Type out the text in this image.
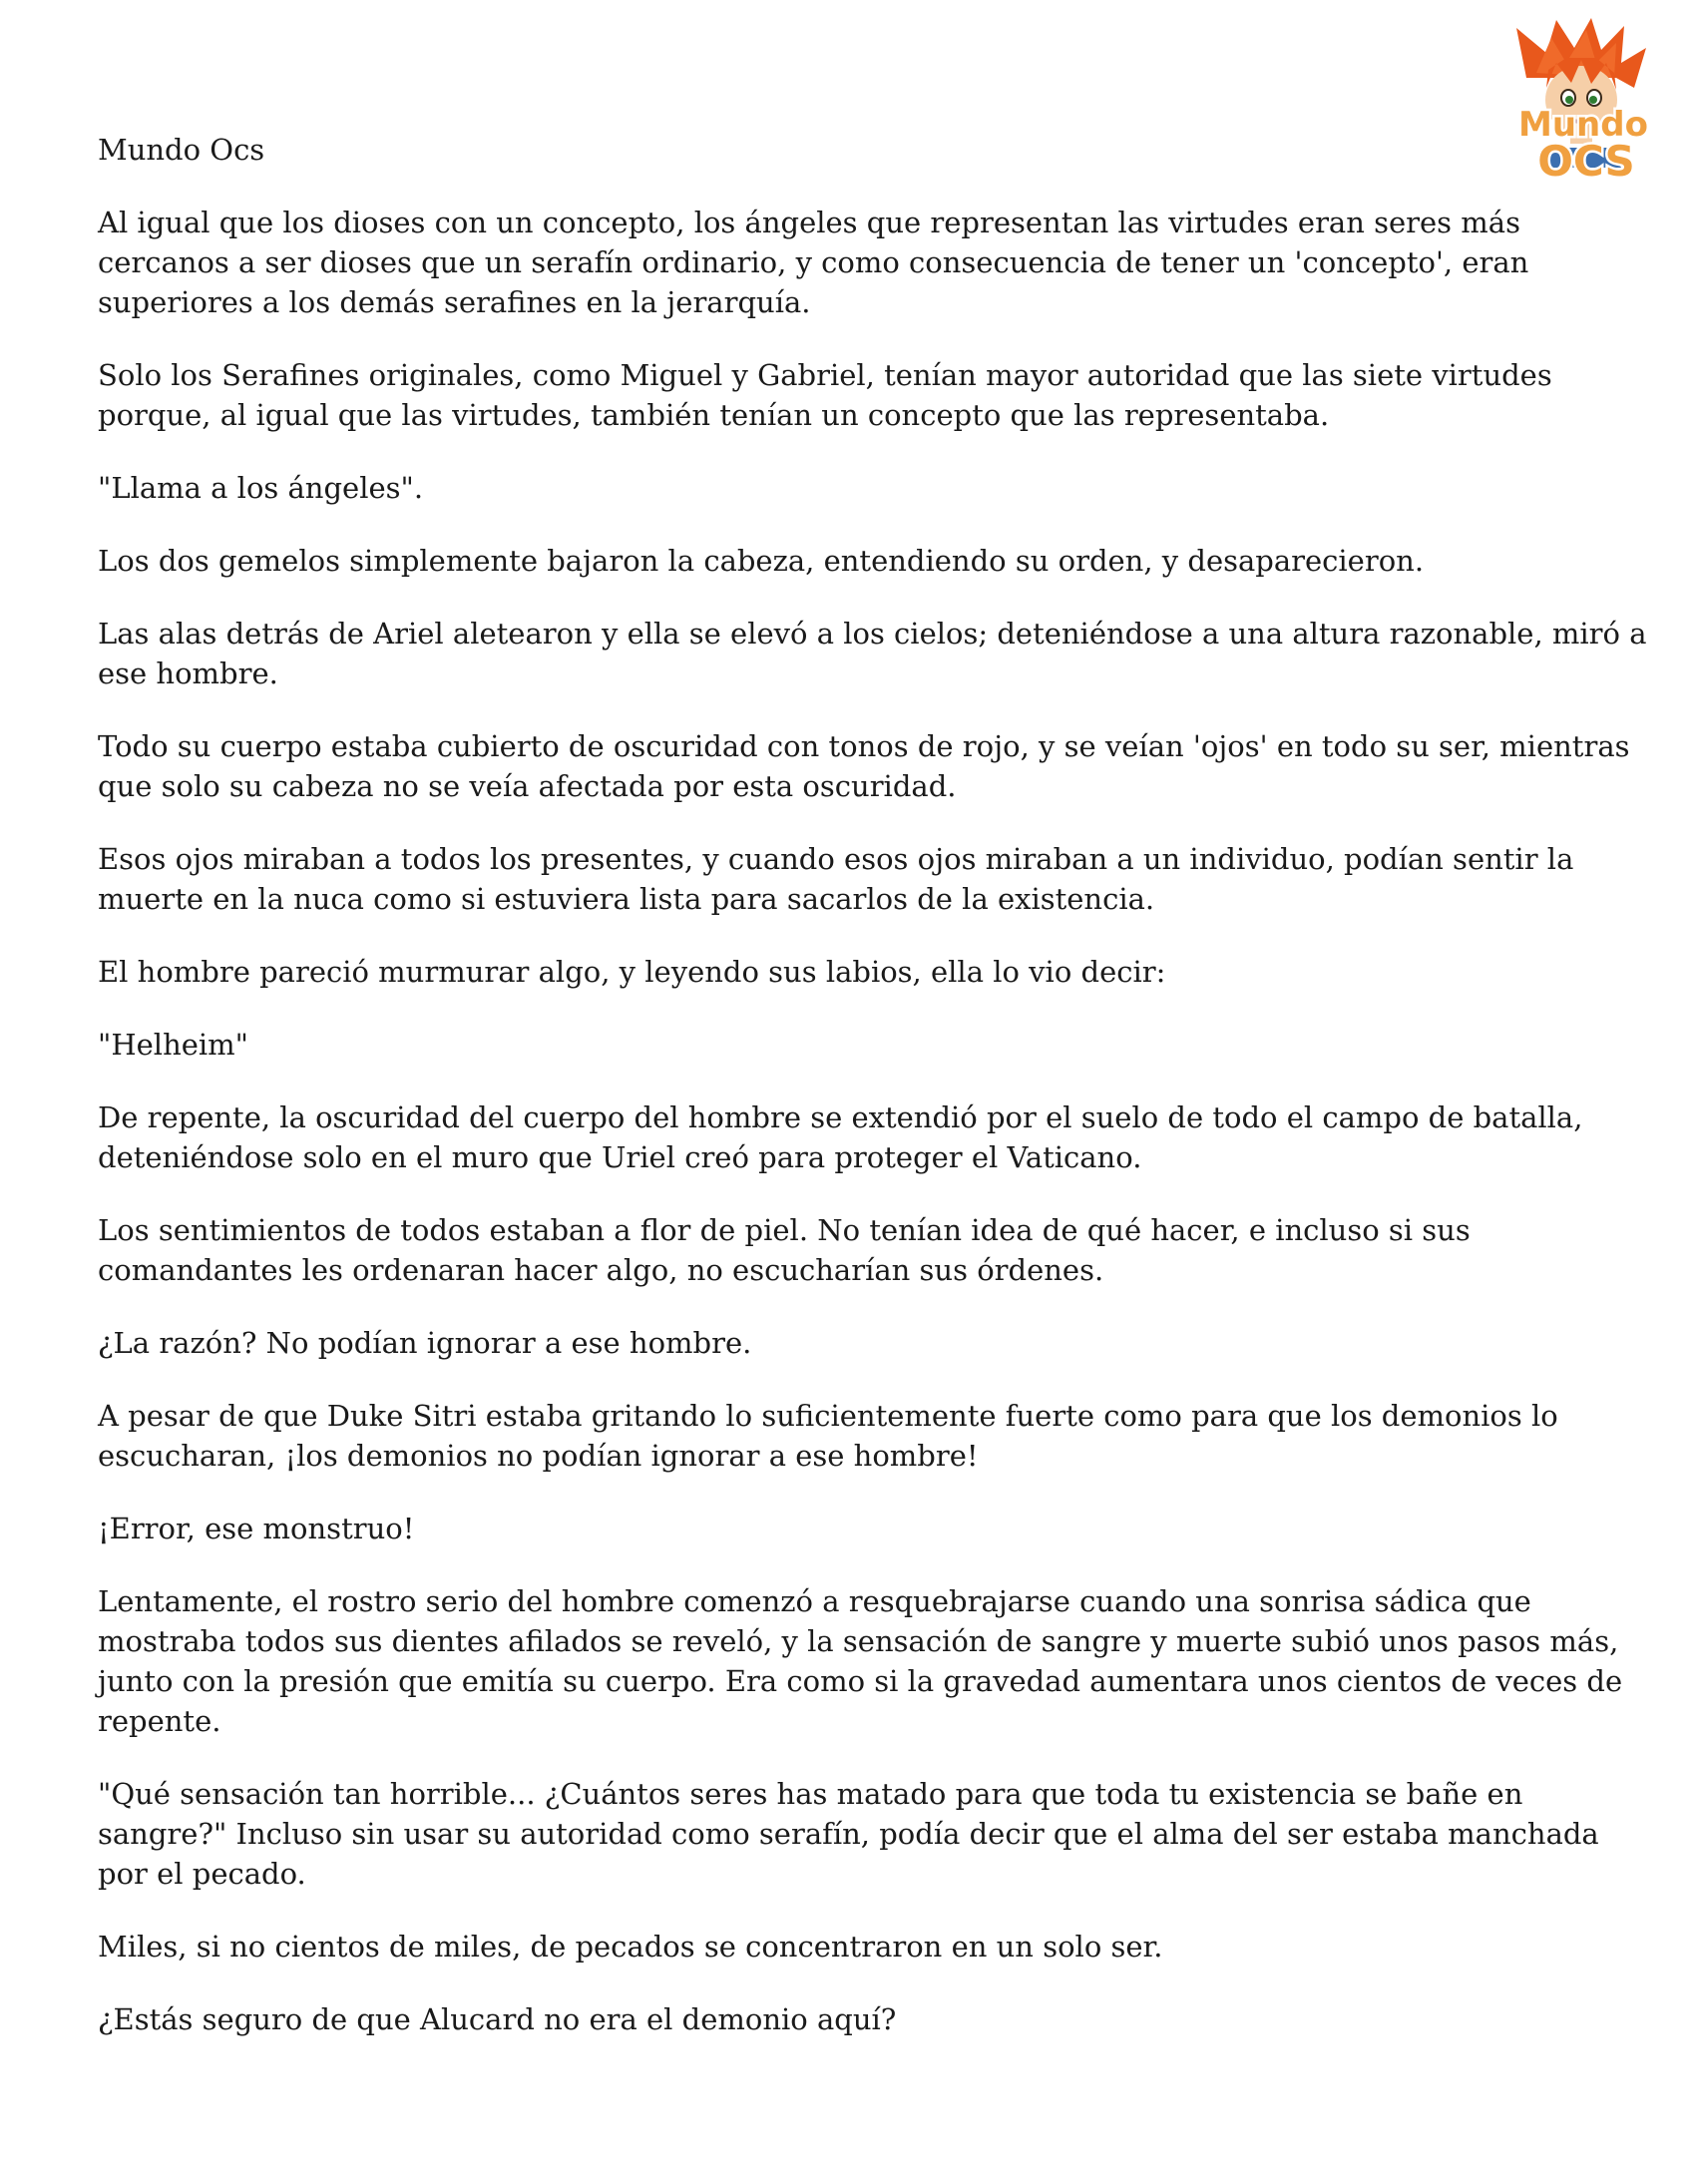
Mundo
OCS

Mundo Ocs

Al igual que los dioses con un concepto, los ángeles que representan las virtudes eran seres más cercanos a ser dioses que un serafín ordinario, y como consecuencia de tener un 'concepto', eran superiores a los demás serafines en la jerarquía.

Solo los Serafines originales, como Miguel y Gabriel, tenían mayor autoridad que las siete virtudes porque, al igual que las virtudes, también tenían un concepto que las representaba.

"Llama a los ángeles".

Los dos gemelos simplemente bajaron la cabeza, entendiendo su orden, y desaparecieron.

Las alas detrás de Ariel aletearon y ella se elevó a los cielos; deteniéndose a una altura razonable, miró a ese hombre.

Todo su cuerpo estaba cubierto de oscuridad con tonos de rojo, y se veían 'ojos' en todo su ser, mientras que solo su cabeza no se veía afectada por esta oscuridad.

Esos ojos miraban a todos los presentes, y cuando esos ojos miraban a un individuo, podían sentir la muerte en la nuca como si estuviera lista para sacarlos de la existencia.

El hombre pareció murmurar algo, y leyendo sus labios, ella lo vio decir:

"Helheim"

De repente, la oscuridad del cuerpo del hombre se extendió por el suelo de todo el campo de batalla, deteniéndose solo en el muro que Uriel creó para proteger el Vaticano.

Los sentimientos de todos estaban a flor de piel. No tenían idea de qué hacer, e incluso si sus comandantes les ordenaran hacer algo, no escucharían sus órdenes.

¿La razón? No podían ignorar a ese hombre.

A pesar de que Duke Sitri estaba gritando lo suficientemente fuerte como para que los demonios lo escucharan, ¡los demonios no podían ignorar a ese hombre!

¡Error, ese monstruo!

Lentamente, el rostro serio del hombre comenzó a resquebrajarse cuando una sonrisa sádica que mostraba todos sus dientes afilados se reveló, y la sensación de sangre y muerte subió unos pasos más, junto con la presión que emitía su cuerpo. Era como si la gravedad aumentara unos cientos de veces de repente.

"Qué sensación tan horrible... ¿Cuántos seres has matado para que toda tu existencia se bañe en sangre?" Incluso sin usar su autoridad como serafín, podía decir que el alma del ser estaba manchada por el pecado.

Miles, si no cientos de miles, de pecados se concentraron en un solo ser.

¿Estás seguro de que Alucard no era el demonio aquí?
